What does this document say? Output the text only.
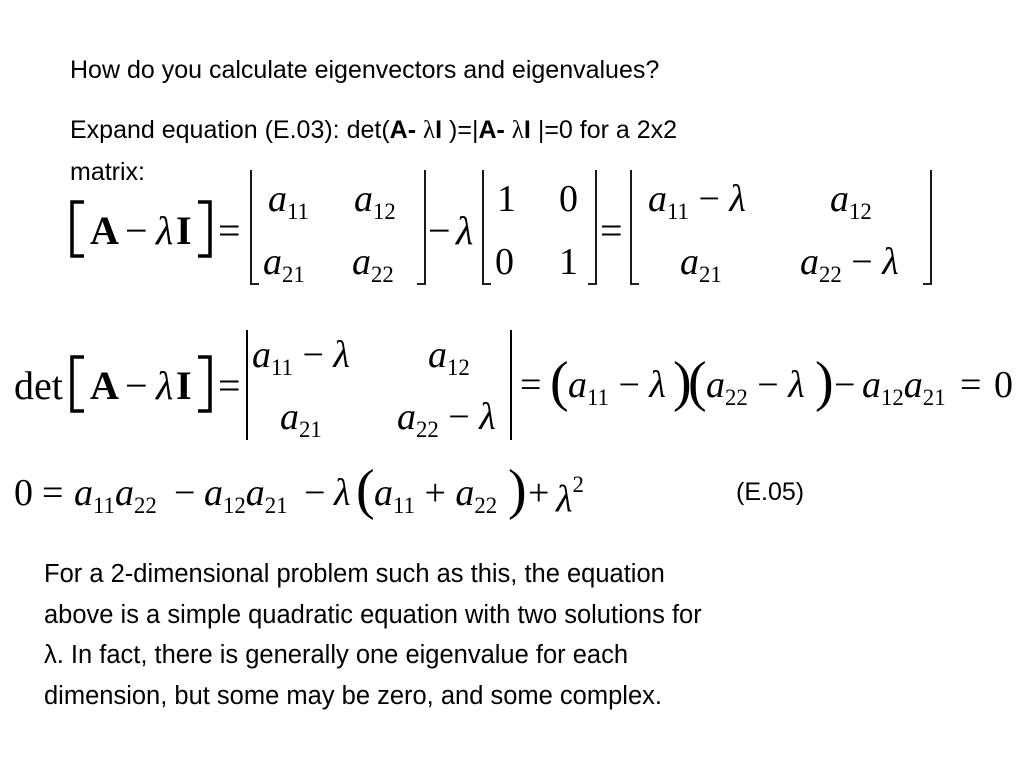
How do you calculate eigenvectors and eigenvalues?
Expand equation (E.03): det(A- λI )=|A- λI |=0 for a 2x2
matrix:
A − λ I =
$a_{11}$ $a_{12}$
$a_{21}$ $a_{22}$
− λ
1 0
0 1
=
$a_{11} - \lambda$ $a_{12}$
$a_{21}$ $a_{22} - \lambda$
det A − λ I =
$a_{11} - \lambda$ $a_{12}$
$a_{21}$ $a_{22} - \lambda$
= ( $a_{11} - \lambda$ )
( $a_{22} - \lambda$ ) − $a_{12}a_{21} = 0$
$0 = a_{11}a_{22} - a_{12}a_{21} - \lambda$ ( $a_{11} + a_{22}$ ) + $\lambda^2$	(E.05)
For a 2-dimensional problem such as this, the equation
above is a simple quadratic equation with two solutions for
λ. In fact, there is generally one eigenvalue for each
dimension, but some may be zero, and some complex.
